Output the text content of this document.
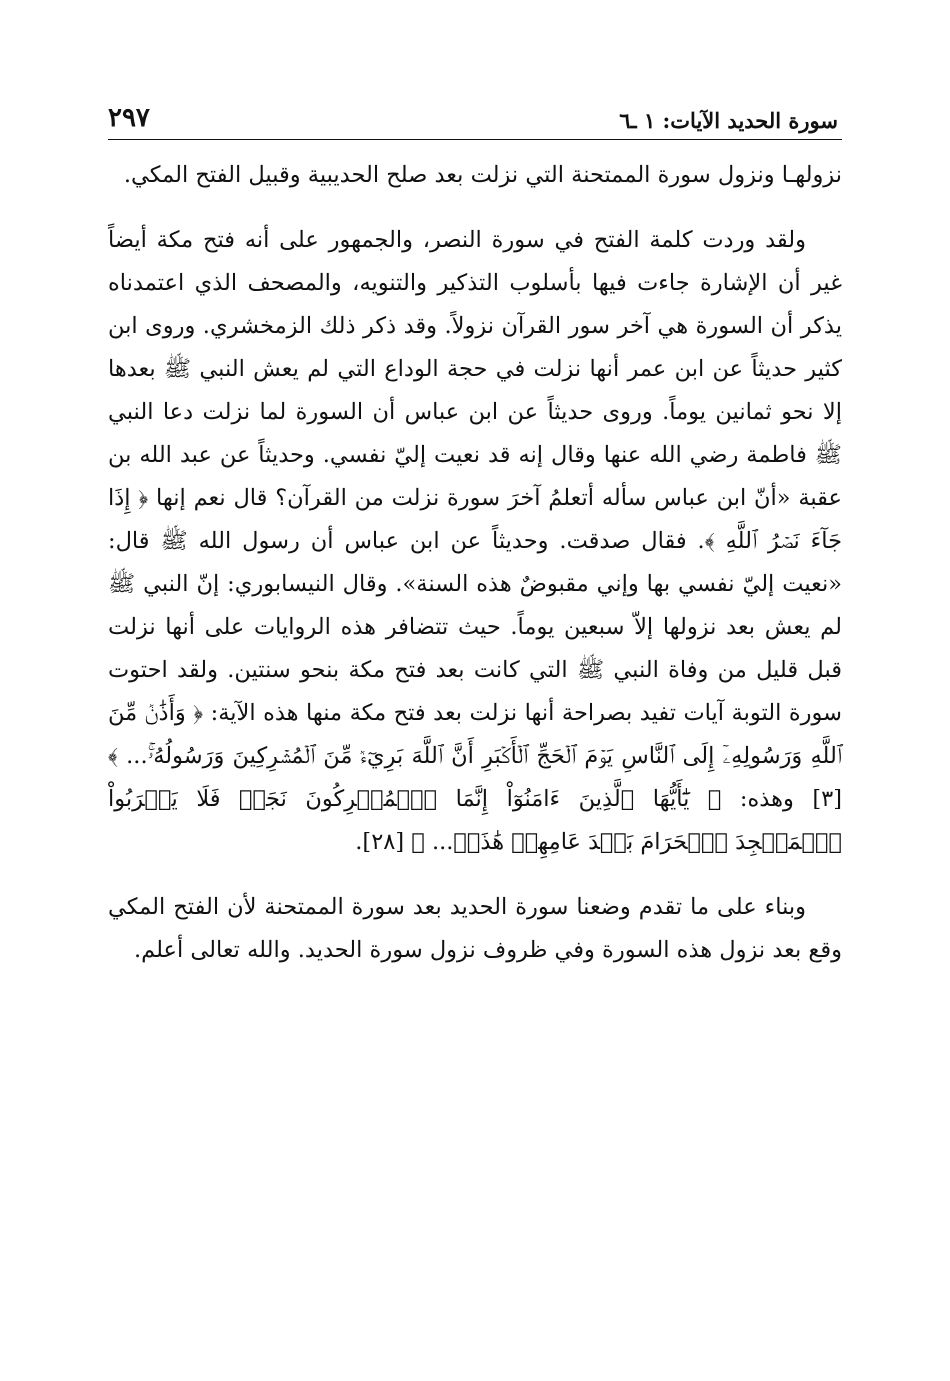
سورة الحديد الآيات: ١ ـ٦
٢٩٧

نزولهـا ونزول سورة الممتحنة التي نزلت بعد صلح الحديبية وقبيل الفتح المكي.

ولقد وردت كلمة الفتح في سورة النصر، والجمهور على أنه فتح مكة أيضاً غير أن الإشارة جاءت فيها بأسلوب التذكير والتنويه، والمصحف الذي اعتمدناه يذكر أن السورة هي آخر سور القرآن نزولاً. وقد ذكر ذلك الزمخشري. وروى ابن كثير حديثاً عن ابن عمر أنها نزلت في حجة الوداع التي لم يعش النبي ﷺ بعدها إلا نحو ثمانين يوماً. وروى حديثاً عن ابن عباس أن السورة لما نزلت دعا النبي ﷺ فاطمة رضي الله عنها وقال إنه قد نعيت إليّ نفسي. وحديثاً عن عبد الله بن عقبة «أنّ ابن عباس سأله أتعلمُ آخرَ سورة نزلت من القرآن؟ قال نعم إنها ﴿ إِذَا جَآءَ نَصۡرُ ٱللَّهِ ﴾. فقال صدقت. وحديثاً عن ابن عباس أن رسول الله ﷺ قال: «نعيت إليّ نفسي بها وإني مقبوضٌ هذه السنة». وقال النيسابوري: إنّ النبي ﷺ لم يعش بعد نزولها إلاّ سبعين يوماً. حيث تتضافر هذه الروايات على أنها نزلت قبل قليل من وفاة النبي ﷺ التي كانت بعد فتح مكة بنحو سنتين. ولقد احتوت سورة التوبة آيات تفيد بصراحة أنها نزلت بعد فتح مكة منها هذه الآية: ﴿ وَأَذَٰنٞ مِّنَ ٱللَّهِ وَرَسُولِهِۦٓ إِلَى ٱلنَّاسِ يَوۡمَ ٱلۡحَجِّ ٱلۡأَكۡبَرِ أَنَّ ٱللَّهَ بَرِيٓءٞ مِّنَ ٱلۡمُشۡرِكِينَ وَرَسُولُهُۥۚ... ﴾ [٣] وهذه: ﴿ يَٰٓأَيُّهَا ٱلَّذِينَ ءَامَنُوٓاْ إِنَّمَا ٱلۡمُشۡرِكُونَ نَجَسٞ فَلَا يَقۡرَبُواْ ٱلۡمَسۡجِدَ ٱلۡحَرَامَ بَعۡدَ عَامِهِمۡ هَٰذَاۚ... ﴾ [٢٨].

وبناء على ما تقدم وضعنا سورة الحديد بعد سورة الممتحنة لأن الفتح المكي وقع بعد نزول هذه السورة وفي ظروف نزول سورة الحديد. والله تعالى أعلم.
